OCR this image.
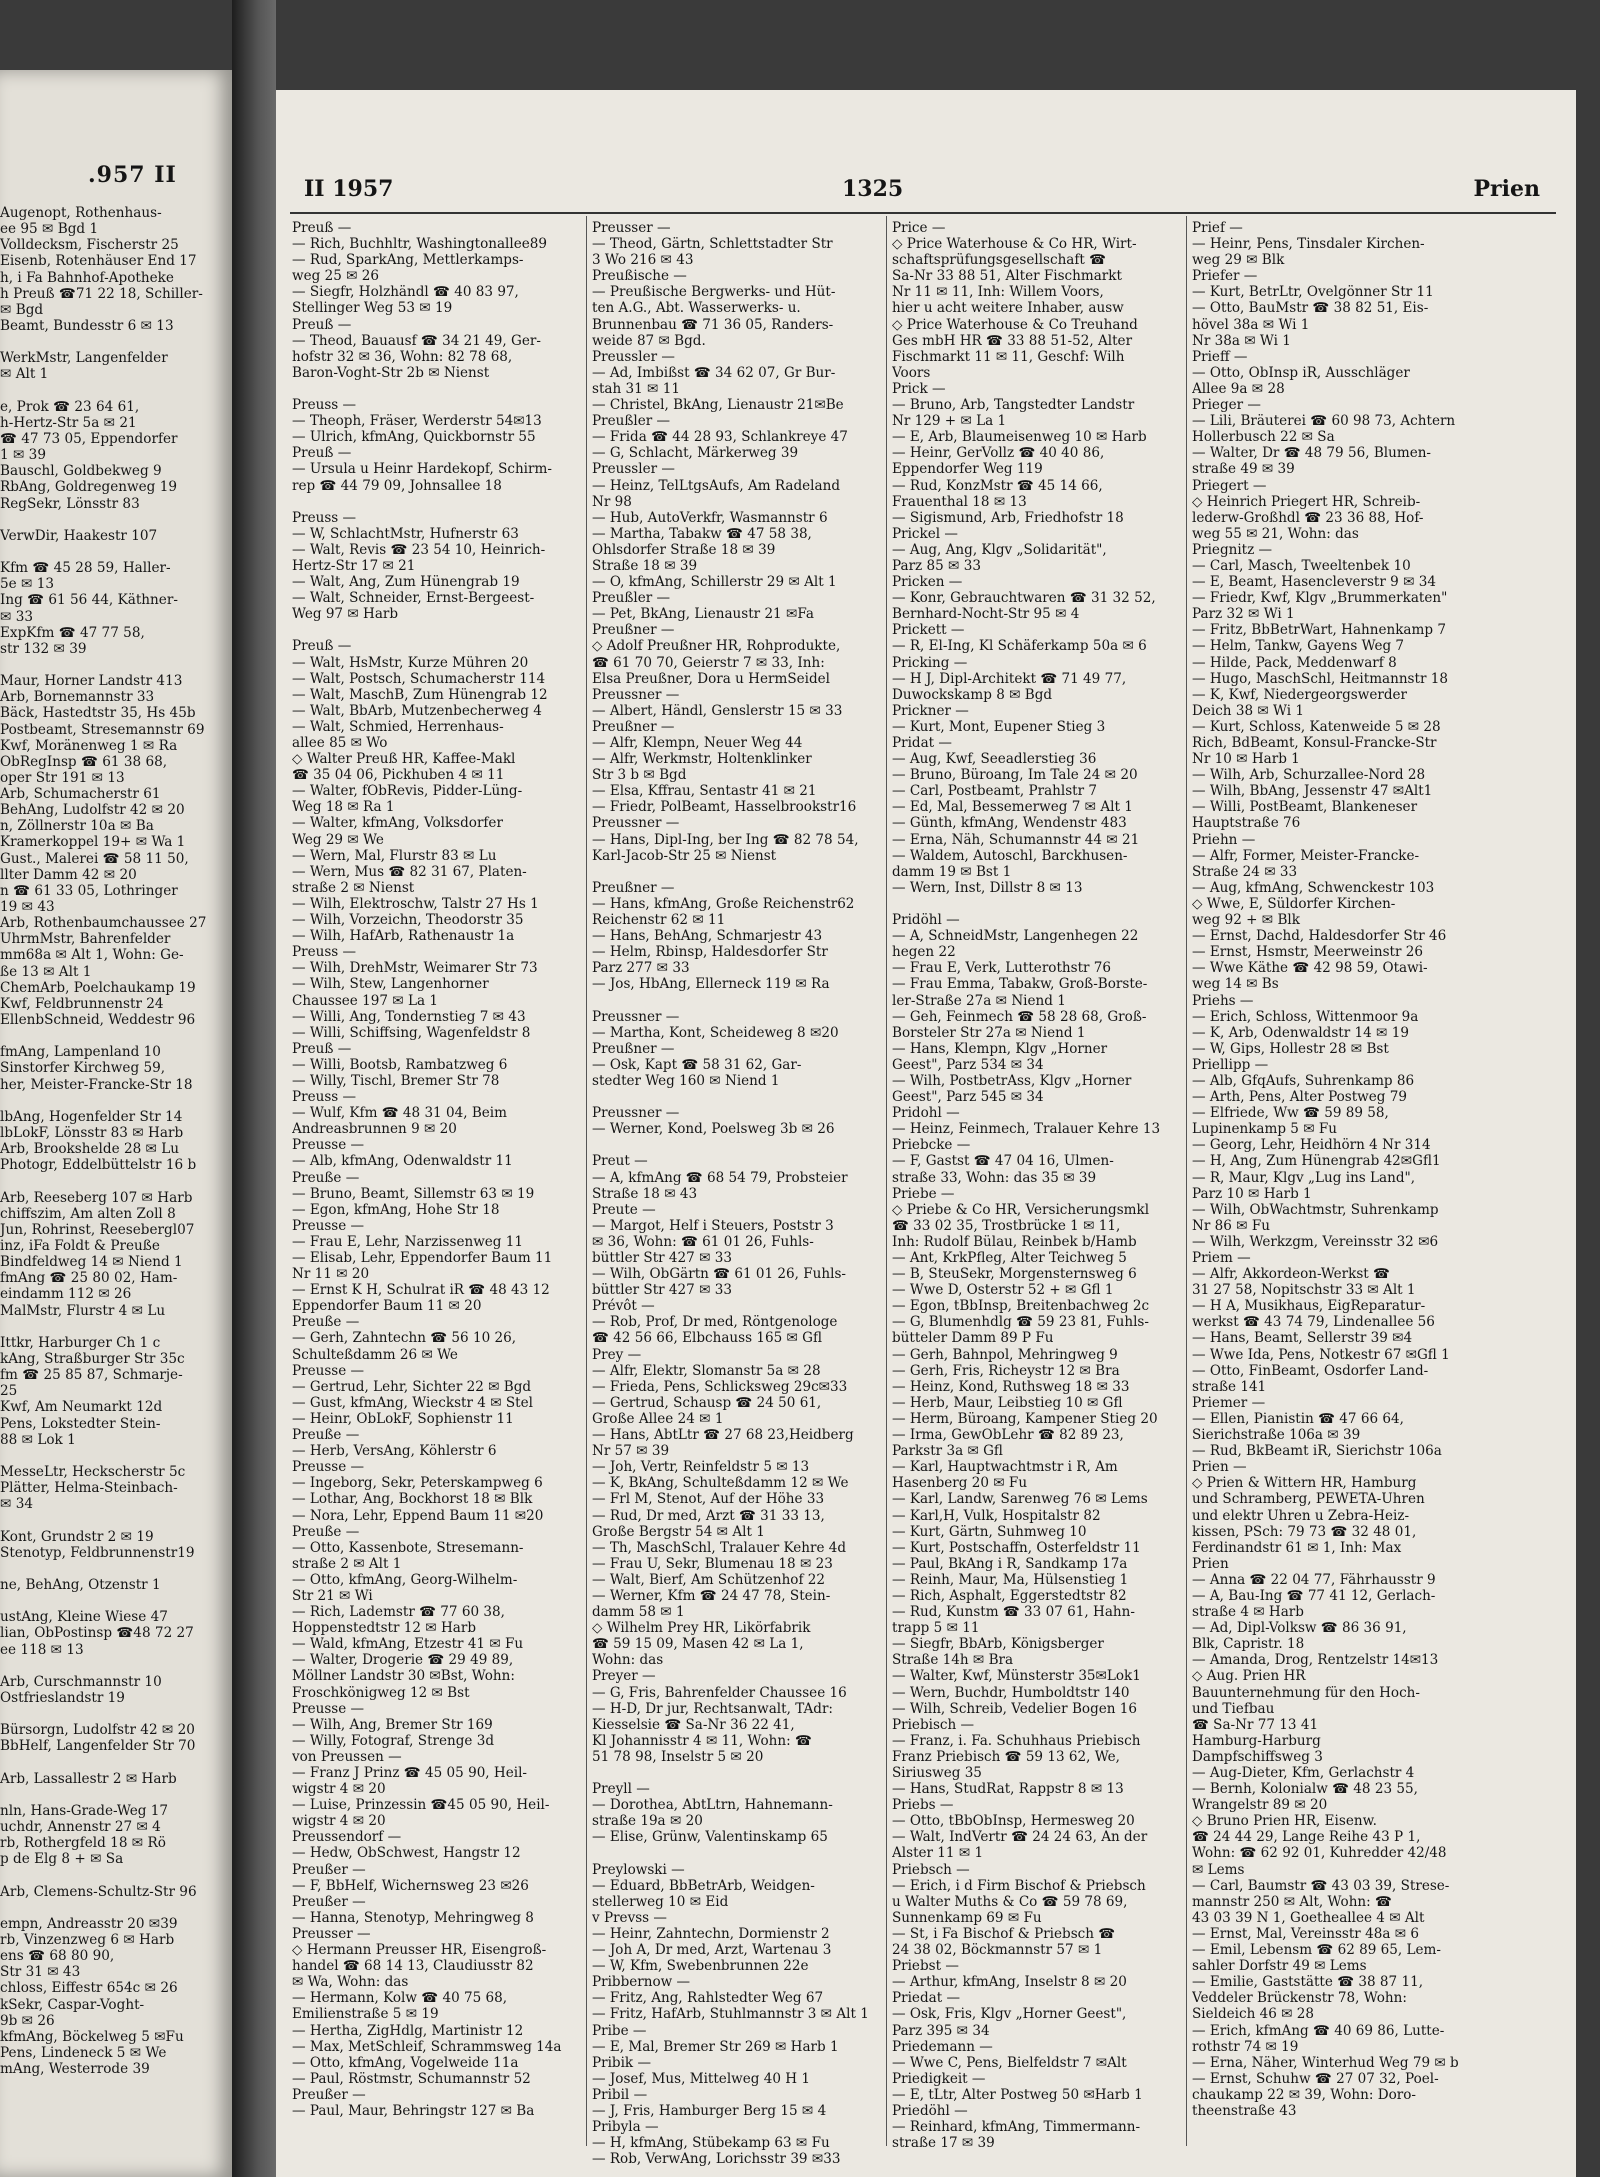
.957 II
Augenopt, Rothenhaus-
ee 95 ✉ Bgd 1
Volldecksm, Fischerstr 25
Eisenb, Rotenhäuser End 17
h, i Fa Bahnhof-Apotheke
h Preuß ☎71 22 18, Schiller-
✉ Bgd
Beamt, Bundesstr 6 ✉ 13
WerkMstr, Langenfelder
✉ Alt 1
e, Prok ☎ 23 64 61,
h-Hertz-Str 5a ✉ 21
☎ 47 73 05, Eppendorfer
1 ✉ 39
Bauschl, Goldbekweg 9
RbAng, Goldregenweg 19
RegSekr, Lönsstr 83
VerwDir, Haakestr 107
Kfm ☎ 45 28 59, Haller-
5e ✉ 13
Ing ☎ 61 56 44, Käthner-
✉ 33
ExpKfm ☎ 47 77 58,
str 132 ✉ 39
Maur, Horner Landstr 413
Arb, Bornemannstr 33
Bäck, Hastedtstr 35, Hs 45b
Postbeamt, Stresemannstr 69
Kwf, Moränenweg 1 ✉ Ra
ObRegInsp ☎ 61 38 68,
oper Str 191 ✉ 13
Arb, Schumacherstr 61
BehAng, Ludolfstr 42 ✉ 20
n, Zöllnerstr 10a ✉ Ba
Kramerkoppel 19+ ✉ Wa 1
Gust., Malerei ☎ 58 11 50,
llter Damm 42 ✉ 20
n ☎ 61 33 05, Lothringer
19 ✉ 43
Arb, Rothenbaumchaussee 27
UhrmMstr, Bahrenfelder
mm68a ✉ Alt 1, Wohn: Ge-
ße 13 ✉ Alt 1
ChemArb, Poelchaukamp 19
Kwf, Feldbrunnenstr 24
EllenbSchneid, Weddestr 96
fmAng, Lampenland 10
Sinstorfer Kirchweg 59,
her, Meister-Francke-Str 18
lbAng, Hogenfelder Str 14
lbLokF, Lönsstr 83 ✉ Harb
Arb, Brookshelde 28 ✉ Lu
Photogr, Eddelbüttelstr 16 b
Arb, Reeseberg 107 ✉ Harb
chiffszim, Am alten Zoll 8
Jun, Rohrinst, Reesebergl07
inz, iFa Foldt & Preuße
Bindfeldweg 14 ✉ Niend 1
fmAng ☎ 25 80 02, Ham-
eindamm 112 ✉ 26
MalMstr, Flurstr 4 ✉ Lu
Ittkr, Harburger Ch 1 c
kAng, Straßburger Str 35c
fm ☎ 25 85 87, Schmarje-
25
Kwf, Am Neumarkt 12d
Pens, Lokstedter Stein-
88 ✉ Lok 1
MesseLtr, Heckscherstr 5c
Plätter, Helma-Steinbach-
✉ 34
Kont, Grundstr 2 ✉ 19
Stenotyp, Feldbrunnenstr19
ne, BehAng, Otzenstr 1
ustAng, Kleine Wiese 47
lian, ObPostinsp ☎48 72 27
ee 118 ✉ 13
Arb, Curschmannstr 10
Ostfrieslandstr 19
Bürsorgn, Ludolfstr 42 ✉ 20
BbHelf, Langenfelder Str 70
Arb, Lassallestr 2 ✉ Harb
nln, Hans-Grade-Weg 17
uchdr, Annenstr 27 ✉ 4
rb, Rothergfeld 18 ✉ Rö
p de Elg 8 + ✉ Sa
Arb, Clemens-Schultz-Str 96
empn, Andreasstr 20 ✉39
rb, Vinzenzweg 6 ✉ Harb
ens ☎ 68 80 90,
Str 31 ✉ 43
chloss, Eiffestr 654c ✉ 26
kSekr, Caspar-Voght-
9b ✉ 26
kfmAng, Böckelweg 5 ✉Fu
Pens, Lindeneck 5 ✉ We
mAng, Westerrode 39
II 1957	1325	Prien
Preuß —
— Rich, Buchhltr, Washingtonallee89
— Rud, SparkAng, Mettlerkamps-
weg 25 ✉ 26
— Siegfr, Holzhändl ☎ 40 83 97,
Stellinger Weg 53 ✉ 19
Preuß —
— Theod, Bauausf ☎ 34 21 49, Ger-
hofstr 32 ✉ 36, Wohn: 82 78 68,
Baron-Voght-Str 2b ✉ Nienst
Preuss —
— Theoph, Fräser, Werderstr 54✉13
— Ulrich, kfmAng, Quickbornstr 55
Preuß —
— Ursula u Heinr Hardekopf, Schirm-
rep ☎ 44 79 09, Johnsallee 18
Preuss —
— W, SchlachtMstr, Hufnerstr 63
— Walt, Revis ☎ 23 54 10, Heinrich-
Hertz-Str 17 ✉ 21
— Walt, Ang, Zum Hünengrab 19
— Walt, Schneider, Ernst-Bergeest-
Weg 97 ✉ Harb
Preuß —
— Walt, HsMstr, Kurze Mühren 20
— Walt, Postsch, Schumacherstr 114
— Walt, MaschB, Zum Hünengrab 12
— Walt, BbArb, Mutzenbecherweg 4
— Walt, Schmied, Herrenhaus-
allee 85 ✉ Wo
◇ Walter Preuß HR, Kaffee-Makl
☎ 35 04 06, Pickhuben 4 ✉ 11
— Walter, fObRevis, Pidder-Lüng-
Weg 18 ✉ Ra 1
— Walter, kfmAng, Volksdorfer
Weg 29 ✉ We
— Wern, Mal, Flurstr 83 ✉ Lu
— Wern, Mus ☎ 82 31 67, Platen-
straße 2 ✉ Nienst
— Wilh, Elektroschw, Talstr 27 Hs 1
— Wilh, Vorzeichn, Theodorstr 35
— Wilh, HafArb, Rathenaustr 1a
Preuss —
— Wilh, DrehMstr, Weimarer Str 73
— Wilh, Stew, Langenhorner
Chaussee 197 ✉ La 1
— Willi, Ang, Tondernstieg 7 ✉ 43
— Willi, Schiffsing, Wagenfeldstr 8
Preuß —
— Willi, Bootsb, Rambatzweg 6
— Willy, Tischl, Bremer Str 78
Preuss —
— Wulf, Kfm ☎ 48 31 04, Beim
Andreasbrunnen 9 ✉ 20
Preusse —
— Alb, kfmAng, Odenwaldstr 11
Preuße —
— Bruno, Beamt, Sillemstr 63 ✉ 19
— Egon, kfmAng, Hohe Str 18
Preusse —
— Frau E, Lehr, Narzissenweg 11
— Elisab, Lehr, Eppendorfer Baum 11
Nr 11 ✉ 20
— Ernst K H, Schulrat iR ☎ 48 43 12
Eppendorfer Baum 11 ✉ 20
Preuße —
— Gerh, Zahntechn ☎ 56 10 26,
Schulteßdamm 26 ✉ We
Preusse —
— Gertrud, Lehr, Sichter 22 ✉ Bgd
— Gust, kfmAng, Wieckstr 4 ✉ Stel
— Heinr, ObLokF, Sophienstr 11
Preuße —
— Herb, VersAng, Köhlerstr 6
Preusse —
— Ingeborg, Sekr, Peterskampweg 6
— Lothar, Ang, Bockhorst 18 ✉ Blk
— Nora, Lehr, Eppend Baum 11 ✉20
Preuße —
— Otto, Kassenbote, Stresemann-
straße 2 ✉ Alt 1
— Otto, kfmAng, Georg-Wilhelm-
Str 21 ✉ Wi
— Rich, Lademstr ☎ 77 60 38,
Hoppenstedtstr 12 ✉ Harb
— Wald, kfmAng, Etzestr 41 ✉ Fu
— Walter, Drogerie ☎ 29 49 89,
Möllner Landstr 30 ✉Bst, Wohn:
Froschkönigweg 12 ✉ Bst
Preusse —
— Wilh, Ang, Bremer Str 169
— Willy, Fotograf, Strenge 3d
von Preussen —
— Franz J Prinz ☎ 45 05 90, Heil-
wigstr 4 ✉ 20
— Luise, Prinzessin ☎45 05 90, Heil-
wigstr 4 ✉ 20
Preussendorf —
— Hedw, ObSchwest, Hangstr 12
Preußer —
— F, BbHelf, Wichernsweg 23 ✉26
Preußer —
— Hanna, Stenotyp, Mehringweg 8
Preusser —
◇ Hermann Preusser HR, Eisengroß-
handel ☎ 68 14 13, Claudiusstr 82
✉ Wa, Wohn: das
— Hermann, Kolw ☎ 40 75 68,
Emilienstraße 5 ✉ 19
— Hertha, ZigHdlg, Martinistr 12
— Max, MetSchleif, Schrammsweg 14a
— Otto, kfmAng, Vogelweide 11a
— Paul, Röstmstr, Schumannstr 52
Preußer —
— Paul, Maur, Behringstr 127 ✉ Ba
Preusser —
— Theod, Gärtn, Schlettstadter Str
3 Wo 216 ✉ 43
Preußische —
— Preußische Bergwerks- und Hüt-
ten A.G., Abt. Wasserwerks- u.
Brunnenbau ☎ 71 36 05, Randers-
weide 87 ✉ Bgd.
Preussler —
— Ad, Imbißst ☎ 34 62 07, Gr Bur-
stah 31 ✉ 11
— Christel, BkAng, Lienaustr 21✉Be
Preußler —
— Frida ☎ 44 28 93, Schlankreye 47
— G, Schlacht, Märkerweg 39
Preussler —
— Heinz, TelLtgsAufs, Am Radeland
Nr 98
— Hub, AutoVerkfr, Wasmannstr 6
— Martha, Tabakw ☎ 47 58 38,
Ohlsdorfer Straße 18 ✉ 39
Straße 18 ✉ 39
— O, kfmAng, Schillerstr 29 ✉ Alt 1
Preußler —
— Pet, BkAng, Lienaustr 21 ✉Fa
Preußner —
◇ Adolf Preußner HR, Rohprodukte,
☎ 61 70 70, Geierstr 7 ✉ 33, Inh:
Elsa Preußner, Dora u HermSeidel
Preussner —
— Albert, Händl, Genslerstr 15 ✉ 33
Preußner —
— Alfr, Klempn, Neuer Weg 44
— Alfr, Werkmstr, Holtenklinker
Str 3 b ✉ Bgd
— Elsa, Kffrau, Sentastr 41 ✉ 21
— Friedr, PolBeamt, Hasselbrookstr16
Preussner —
— Hans, Dipl-Ing, ber Ing ☎ 82 78 54,
Karl-Jacob-Str 25 ✉ Nienst
Preußner —
— Hans, kfmAng, Große Reichenstr62
Reichenstr 62 ✉ 11
— Hans, BehAng, Schmarjestr 43
— Helm, Rbinsp, Haldesdorfer Str
Parz 277 ✉ 33
— Jos, HbAng, Ellerneck 119 ✉ Ra
Preussner —
— Martha, Kont, Scheideweg 8 ✉20
Preußner —
— Osk, Kapt ☎ 58 31 62, Gar-
stedter Weg 160 ✉ Niend 1
Preussner —
— Werner, Kond, Poelsweg 3b ✉ 26
Preut —
— A, kfmAng ☎ 68 54 79, Probsteier
Straße 18 ✉ 43
Preute —
— Margot, Helf i Steuers, Poststr 3
✉ 36, Wohn: ☎ 61 01 26, Fuhls-
büttler Str 427 ✉ 33
— Wilh, ObGärtn ☎ 61 01 26, Fuhls-
büttler Str 427 ✉ 33
Prévôt —
— Rob, Prof, Dr med, Röntgenologe
☎ 42 56 66, Elbchauss 165 ✉ Gfl
Prey —
— Alfr, Elektr, Slomanstr 5a ✉ 28
— Frieda, Pens, Schlicksweg 29c✉33
— Gertrud, Schausp ☎ 24 50 61,
Große Allee 24 ✉ 1
— Hans, AbtLtr ☎ 27 68 23,Heidberg
Nr 57 ✉ 39
— Joh, Vertr, Reinfeldstr 5 ✉ 13
— K, BkAng, Schulteßdamm 12 ✉ We
— Frl M, Stenot, Auf der Höhe 33
— Rud, Dr med, Arzt ☎ 31 33 13,
Große Bergstr 54 ✉ Alt 1
— Th, MaschSchl, Tralauer Kehre 4d
— Frau U, Sekr, Blumenau 18 ✉ 23
— Walt, Bierf, Am Schützenhof 22
— Werner, Kfm ☎ 24 47 78, Stein-
damm 58 ✉ 1
◇ Wilhelm Prey HR, Likörfabrik
☎ 59 15 09, Masen 42 ✉ La 1,
Wohn: das
Preyer —
— G, Fris, Bahrenfelder Chaussee 16
— H-D, Dr jur, Rechtsanwalt, TAdr:
Kiesselsie ☎ Sa-Nr 36 22 41,
Kl Johannisstr 4 ✉ 11, Wohn: ☎
51 78 98, Inselstr 5 ✉ 20
Preyll —
— Dorothea, AbtLtrn, Hahnemann-
straße 19a ✉ 20
— Elise, Grünw, Valentinskamp 65
Preylowski —
— Eduard, BbBetrArb, Weidgen-
stellerweg 10 ✉ Eid
v Prevss —
— Heinr, Zahntechn, Dormienstr 2
— Joh A, Dr med, Arzt, Wartenau 3
— W, Kfm, Swebenbrunnen 22e
Pribbernow —
— Fritz, Ang, Rahlstedter Weg 67
— Fritz, HafArb, Stuhlmannstr 3 ✉ Alt 1
Pribe —
— E, Mal, Bremer Str 269 ✉ Harb 1
Pribik —
— Josef, Mus, Mittelweg 40 H 1
Pribil —
— J, Fris, Hamburger Berg 15 ✉ 4
Pribyla —
— H, kfmAng, Stübekamp 63 ✉ Fu
— Rob, VerwAng, Lorichsstr 39 ✉33
Price —
◇ Price Waterhouse & Co HR, Wirt-
schaftsprüfungsgesellschaft ☎
Sa-Nr 33 88 51, Alter Fischmarkt
Nr 11 ✉ 11, Inh: Willem Voors,
hier u acht weitere Inhaber, ausw
◇ Price Waterhouse & Co Treuhand
Ges mbH HR ☎ 33 88 51-52, Alter
Fischmarkt 11 ✉ 11, Geschf: Wilh
Voors
Prick —
— Bruno, Arb, Tangstedter Landstr
Nr 129 + ✉ La 1
— E, Arb, Blaumeisenweg 10 ✉ Harb
— Heinr, GerVollz ☎ 40 40 86,
Eppendorfer Weg 119
— Rud, KonzMstr ☎ 45 14 66,
Frauenthal 18 ✉ 13
— Sigismund, Arb, Friedhofstr 18
Prickel —
— Aug, Ang, Klgv „Solidarität",
Parz 85 ✉ 33
Pricken —
— Konr, Gebrauchtwaren ☎ 31 32 52,
Bernhard-Nocht-Str 95 ✉ 4
Prickett —
— R, El-Ing, Kl Schäferkamp 50a ✉ 6
Pricking —
— H J, Dipl-Architekt ☎ 71 49 77,
Duwockskamp 8 ✉ Bgd
Prickner —
— Kurt, Mont, Eupener Stieg 3
Pridat —
— Aug, Kwf, Seeadlerstieg 36
— Bruno, Büroang, Im Tale 24 ✉ 20
— Carl, Postbeamt, Prahlstr 7
— Ed, Mal, Bessemerweg 7 ✉ Alt 1
— Günth, kfmAng, Wendenstr 483
— Erna, Näh, Schumannstr 44 ✉ 21
— Waldem, Autoschl, Barckhusen-
damm 19 ✉ Bst 1
— Wern, Inst, Dillstr 8 ✉ 13
Pridöhl —
— A, SchneidMstr, Langenhegen 22
hegen 22
— Frau E, Verk, Lutterothstr 76
— Frau Emma, Tabakw, Groß-Borste-
ler-Straße 27a ✉ Niend 1
— Geh, Feinmech ☎ 58 28 68, Groß-
Borsteler Str 27a ✉ Niend 1
— Hans, Klempn, Klgv „Horner
Geest", Parz 534 ✉ 34
— Wilh, PostbetrAss, Klgv „Horner
Geest", Parz 545 ✉ 34
Pridohl —
— Heinz, Feinmech, Tralauer Kehre 13
Priebcke —
— F, Gastst ☎ 47 04 16, Ulmen-
straße 33, Wohn: das 35 ✉ 39
Priebe —
◇ Priebe & Co HR, Versicherungsmkl
☎ 33 02 35, Trostbrücke 1 ✉ 11,
Inh: Rudolf Bülau, Reinbek b/Hamb
— Ant, KrkPfleg, Alter Teichweg 5
— B, SteuSekr, Morgensternsweg 6
— Wwe D, Osterstr 52 + ✉ Gfl 1
— Egon, tBbInsp, Breitenbachweg 2c
— G, Blumenhdlg ☎ 59 23 81, Fuhls-
bütteler Damm 89 P Fu
— Gerh, Bahnpol, Mehringweg 9
— Gerh, Fris, Richeystr 12 ✉ Bra
— Heinz, Kond, Ruthsweg 18 ✉ 33
— Herb, Maur, Leibstieg 10 ✉ Gfl
— Herm, Büroang, Kampener Stieg 20
— Irma, GewObLehr ☎ 82 89 23,
Parkstr 3a ✉ Gfl
— Karl, Hauptwachtmstr i R, Am
Hasenberg 20 ✉ Fu
— Karl, Landw, Sarenweg 76 ✉ Lems
— Karl,H, Vulk, Hospitalstr 82
— Kurt, Gärtn, Suhmweg 10
— Kurt, Postschaffn, Osterfeldstr 11
— Paul, BkAng i R, Sandkamp 17a
— Reinh, Maur, Ma, Hülsenstieg 1
— Rich, Asphalt, Eggerstedtstr 82
— Rud, Kunstm ☎ 33 07 61, Hahn-
trapp 5 ✉ 11
— Siegfr, BbArb, Königsberger
Straße 14h ✉ Bra
— Walter, Kwf, Münsterstr 35✉Lok1
— Wern, Buchdr, Humboldtstr 140
— Wilh, Schreib, Vedelier Bogen 16
Priebisch —
— Franz, i. Fa. Schuhhaus Priebisch
Franz Priebisch ☎ 59 13 62, We,
Siriusweg 35
— Hans, StudRat, Rappstr 8 ✉ 13
Priebs —
— Otto, tBbObInsp, Hermesweg 20
— Walt, IndVertr ☎ 24 24 63, An der
Alster 11 ✉ 1
Priebsch —
— Erich, i d Firm Bischof & Priebsch
u Walter Muths & Co ☎ 59 78 69,
Sunnenkamp 69 ✉ Fu
— St, i Fa Bischof & Priebsch ☎
24 38 02, Böckmannstr 57 ✉ 1
Priebst —
— Arthur, kfmAng, Inselstr 8 ✉ 20
Priedat —
— Osk, Fris, Klgv „Horner Geest",
Parz 395 ✉ 34
Priedemann —
— Wwe C, Pens, Bielfeldstr 7 ✉Alt
Priedigkeit —
— E, tLtr, Alter Postweg 50 ✉Harb 1
Priedöhl —
— Reinhard, kfmAng, Timmermann-
straße 17 ✉ 39
Prief —
— Heinr, Pens, Tinsdaler Kirchen-
weg 29 ✉ Blk
Priefer —
— Kurt, BetrLtr, Ovelgönner Str 11
— Otto, BauMstr ☎ 38 82 51, Eis-
hövel 38a ✉ Wi 1
Nr 38a ✉ Wi 1
Prieff —
— Otto, ObInsp iR, Ausschläger
Allee 9a ✉ 28
Prieger —
— Lili, Bräuterei ☎ 60 98 73, Achtern
Hollerbusch 22 ✉ Sa
— Walter, Dr ☎ 48 79 56, Blumen-
straße 49 ✉ 39
Priegert —
◇ Heinrich Priegert HR, Schreib-
lederw-Großhdl ☎ 23 36 88, Hof-
weg 55 ✉ 21, Wohn: das
Priegnitz —
— Carl, Masch, Tweeltenbek 10
— E, Beamt, Hasencleverstr 9 ✉ 34
— Friedr, Kwf, Klgv „Brummerkaten"
Parz 32 ✉ Wi 1
— Fritz, BbBetrWart, Hahnenkamp 7
— Helm, Tankw, Gayens Weg 7
— Hilde, Pack, Meddenwarf 8
— Hugo, MaschSchl, Heitmannstr 18
— K, Kwf, Niedergeorgswerder
Deich 38 ✉ Wi 1
— Kurt, Schloss, Katenweide 5 ✉ 28
Rich, BdBeamt, Konsul-Francke-Str
Nr 10 ✉ Harb 1
— Wilh, Arb, Schurzallee-Nord 28
— Wilh, BbAng, Jessenstr 47 ✉Alt1
— Willi, PostBeamt, Blankeneser
Hauptstraße 76
Priehn —
— Alfr, Former, Meister-Francke-
Straße 24 ✉ 33
— Aug, kfmAng, Schwenckestr 103
◇ Wwe, E, Süldorfer Kirchen-
weg 92 + ✉ Blk
— Ernst, Dachd, Haldesdorfer Str 46
— Ernst, Hsmstr, Meerweinstr 26
— Wwe Käthe ☎ 42 98 59, Otawi-
weg 14 ✉ Bs
Priehs —
— Erich, Schloss, Wittenmoor 9a
— K, Arb, Odenwaldstr 14 ✉ 19
— W, Gips, Hollestr 28 ✉ Bst
Priellipp —
— Alb, GfqAufs, Suhrenkamp 86
— Arth, Pens, Alter Postweg 79
— Elfriede, Ww ☎ 59 89 58,
Lupinenkamp 5 ✉ Fu
— Georg, Lehr, Heidhörn 4 Nr 314
— H, Ang, Zum Hünengrab 42✉Gfl1
— R, Maur, Klgv „Lug ins Land",
Parz 10 ✉ Harb 1
— Wilh, ObWachtmstr, Suhrenkamp
Nr 86 ✉ Fu
— Wilh, Werkzgm, Vereinsstr 32 ✉6
Priem —
— Alfr, Akkordeon-Werkst ☎
31 27 58, Nopitschstr 33 ✉ Alt 1
— H A, Musikhaus, EigReparatur-
werkst ☎ 43 74 79, Lindenallee 56
— Hans, Beamt, Sellerstr 39 ✉4
— Wwe Ida, Pens, Notkestr 67 ✉Gfl 1
— Otto, FinBeamt, Osdorfer Land-
straße 141
Priemer —
— Ellen, Pianistin ☎ 47 66 64,
Sierichstraße 106a ✉ 39
— Rud, BkBeamt iR, Sierichstr 106a
Prien —
◇ Prien & Wittern HR, Hamburg
und Schramberg, PEWETA-Uhren
und elektr Uhren u Zebra-Heiz-
kissen, PSch: 79 73 ☎ 32 48 01,
Ferdinandstr 61 ✉ 1, Inh: Max
Prien
— Anna ☎ 22 04 77, Fährhausstr 9
— A, Bau-Ing ☎ 77 41 12, Gerlach-
straße 4 ✉ Harb
— Ad, Dipl-Volksw ☎ 86 36 91,
Blk, Capristr. 18
— Amanda, Drog, Rentzelstr 14✉13
◇ Aug. Prien HR
Bauunternehmung für den Hoch-
und Tiefbau
☎ Sa-Nr 77 13 41
Hamburg-Harburg
Dampfschiffsweg 3
— Aug-Dieter, Kfm, Gerlachstr 4
— Bernh, Kolonialw ☎ 48 23 55,
Wrangelstr 89 ✉ 20
◇ Bruno Prien HR, Eisenw.
☎ 24 44 29, Lange Reihe 43 P 1,
Wohn: ☎ 62 92 01, Kuhredder 42/48
✉ Lems
— Carl, Baumstr ☎ 43 03 39, Strese-
mannstr 250 ✉ Alt, Wohn: ☎
43 03 39 N 1, Goetheallee 4 ✉ Alt
— Ernst, Mal, Vereinsstr 48a ✉ 6
— Emil, Lebensm ☎ 62 89 65, Lem-
sahler Dorfstr 49 ✉ Lems
— Emilie, Gaststätte ☎ 38 87 11,
Veddeler Brückenstr 78, Wohn:
Sieldeich 46 ✉ 28
— Erich, kfmAng ☎ 40 69 86, Lutte-
rothstr 74 ✉ 19
— Erna, Näher, Winterhud Weg 79 ✉ b
— Ernst, Schuhw ☎ 27 07 32, Poel-
chaukamp 22 ✉ 39, Wohn: Doro-
theenstraße 43
